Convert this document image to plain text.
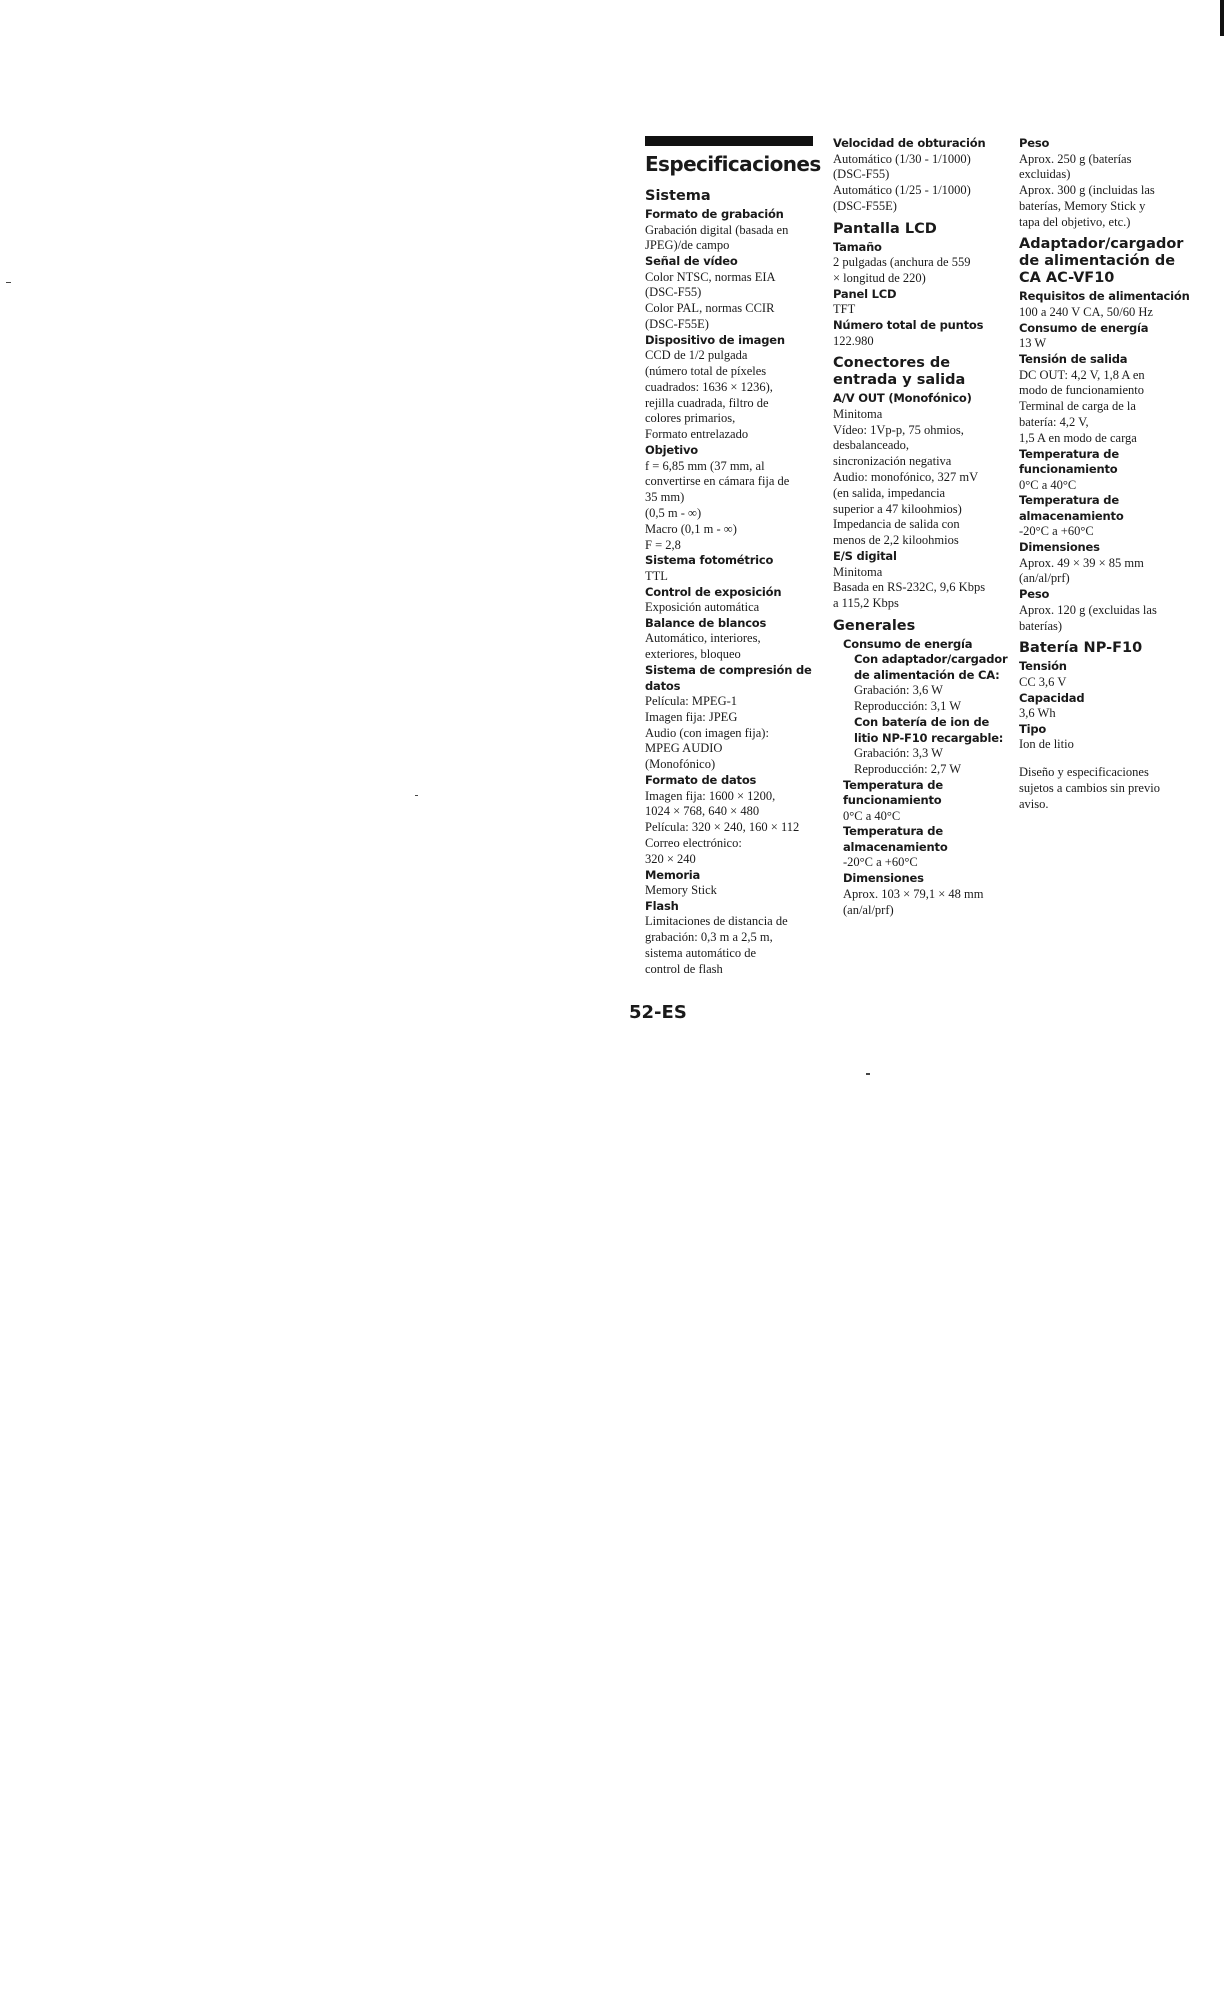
Especificaciones
Sistema
Formato de grabación
Grabación digital (basada en
JPEG)/de campo
Señal de vídeo
Color NTSC, normas EIA
(DSC-F55)
Color PAL, normas CCIR
(DSC-F55E)
Dispositivo de imagen
CCD de 1/2 pulgada
(número total de píxeles
cuadrados: 1636 × 1236),
rejilla cuadrada, filtro de
colores primarios,
Formato entrelazado
Objetivo
f = 6,85 mm (37 mm, al
convertirse en cámara fija de
35 mm)
(0,5 m - ∞)
Macro (0,1 m - ∞)
F = 2,8
Sistema fotométrico
TTL
Control de exposición
Exposición automática
Balance de blancos
Automático, interiores,
exteriores, bloqueo
Sistema de compresión de
datos
Película: MPEG-1
Imagen fija: JPEG
Audio (con imagen fija):
MPEG AUDIO
(Monofónico)
Formato de datos
Imagen fija: 1600 × 1200,
1024 × 768, 640 × 480
Película: 320 × 240, 160 × 112
Correo electrónico:
320 × 240
Memoria
Memory Stick
Flash
Limitaciones de distancia de
grabación: 0,3 m a 2,5 m,
sistema automático de
control de flash
Velocidad de obturación
Automático (1/30 - 1/1000)
(DSC-F55)
Automático (1/25 - 1/1000)
(DSC-F55E)
Pantalla LCD
Tamaño
2 pulgadas (anchura de 559
× longitud de 220)
Panel LCD
TFT
Número total de puntos
122.980
Conectores de
entrada y salida
A/V OUT (Monofónico)
Minitoma
Vídeo: 1Vp-p, 75 ohmios,
desbalanceado,
sincronización negativa
Audio: monofónico, 327 mV
(en salida, impedancia
superior a 47 kiloohmios)
Impedancia de salida con
menos de 2,2 kiloohmios
E/S digital
Minitoma
Basada en RS-232C, 9,6 Kbps
a 115,2 Kbps
Generales
Consumo de energía
Con adaptador/cargador
de alimentación de CA:
Grabación: 3,6 W
Reproducción: 3,1 W
Con batería de ion de
litio NP-F10 recargable:
Grabación: 3,3 W
Reproducción: 2,7 W
Temperatura de
funcionamiento
0°C a 40°C
Temperatura de
almacenamiento
-20°C a +60°C
Dimensiones
Aprox. 103 × 79,1 × 48 mm
(an/al/prf)
Peso
Aprox. 250 g (baterías
excluidas)
Aprox. 300 g (incluidas las
baterías, Memory Stick y
tapa del objetivo, etc.)
Adaptador/cargador
de alimentación de
CA AC-VF10
Requisitos de alimentación
100 a 240 V CA, 50/60 Hz
Consumo de energía
13 W
Tensión de salida
DC OUT: 4,2 V, 1,8 A en
modo de funcionamiento
Terminal de carga de la
batería: 4,2 V,
1,5 A en modo de carga
Temperatura de
funcionamiento
0°C a 40°C
Temperatura de
almacenamiento
-20°C a +60°C
Dimensiones
Aprox. 49 × 39 × 85 mm
(an/al/prf)
Peso
Aprox. 120 g (excluidas las
baterías)
Batería NP-F10
Tensión
CC 3,6 V
Capacidad
3,6 Wh
Tipo
Ion de litio
Diseño y especificaciones
sujetos a cambios sin previo
aviso.
52-ES
